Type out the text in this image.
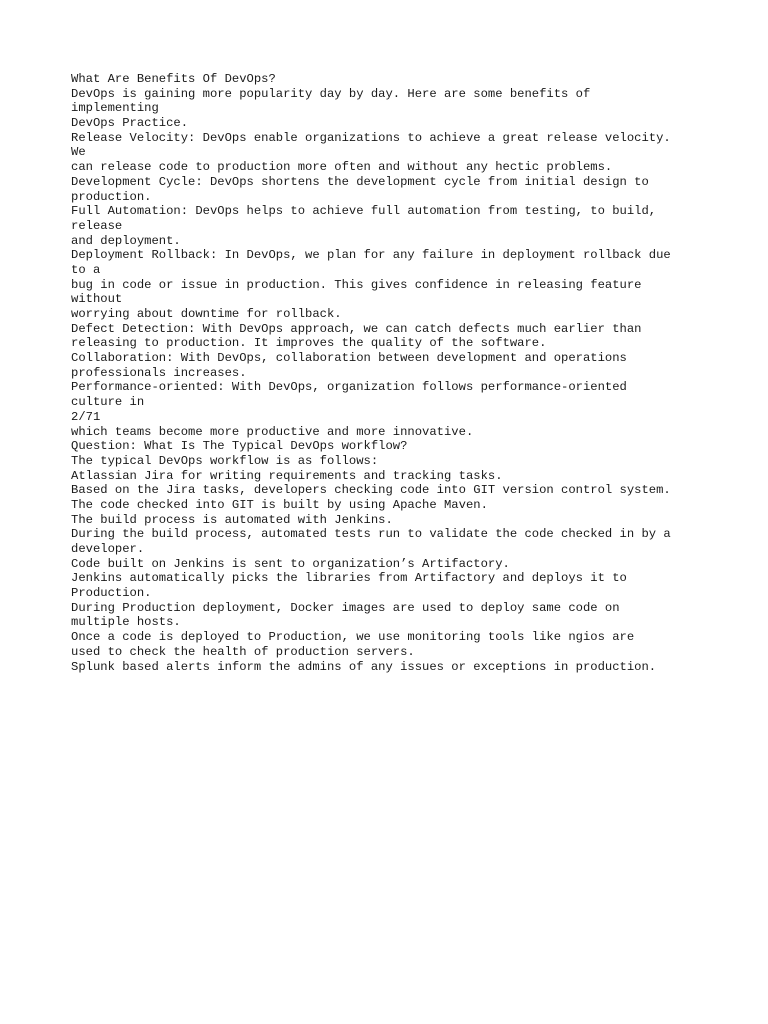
What Are Benefits Of DevOps?
DevOps is gaining more popularity day by day. Here are some benefits of
implementing
DevOps Practice.
Release Velocity: DevOps enable organizations to achieve a great release velocity.
We
can release code to production more often and without any hectic problems.
Development Cycle: DevOps shortens the development cycle from initial design to
production.
Full Automation: DevOps helps to achieve full automation from testing, to build,
release
and deployment.
Deployment Rollback: In DevOps, we plan for any failure in deployment rollback due
to a
bug in code or issue in production. This gives confidence in releasing feature
without
worrying about downtime for rollback.
Defect Detection: With DevOps approach, we can catch defects much earlier than
releasing to production. It improves the quality of the software.
Collaboration: With DevOps, collaboration between development and operations
professionals increases.
Performance-oriented: With DevOps, organization follows performance-oriented
culture in
2/71
which teams become more productive and more innovative.
Question: What Is The Typical DevOps workflow?
The typical DevOps workflow is as follows:
Atlassian Jira for writing requirements and tracking tasks.
Based on the Jira tasks, developers checking code into GIT version control system.
The code checked into GIT is built by using Apache Maven.
The build process is automated with Jenkins.
During the build process, automated tests run to validate the code checked in by a
developer.
Code built on Jenkins is sent to organization’s Artifactory.
Jenkins automatically picks the libraries from Artifactory and deploys it to
Production.
During Production deployment, Docker images are used to deploy same code on
multiple hosts.
Once a code is deployed to Production, we use monitoring tools like ngios are
used to check the health of production servers.
Splunk based alerts inform the admins of any issues or exceptions in production.
